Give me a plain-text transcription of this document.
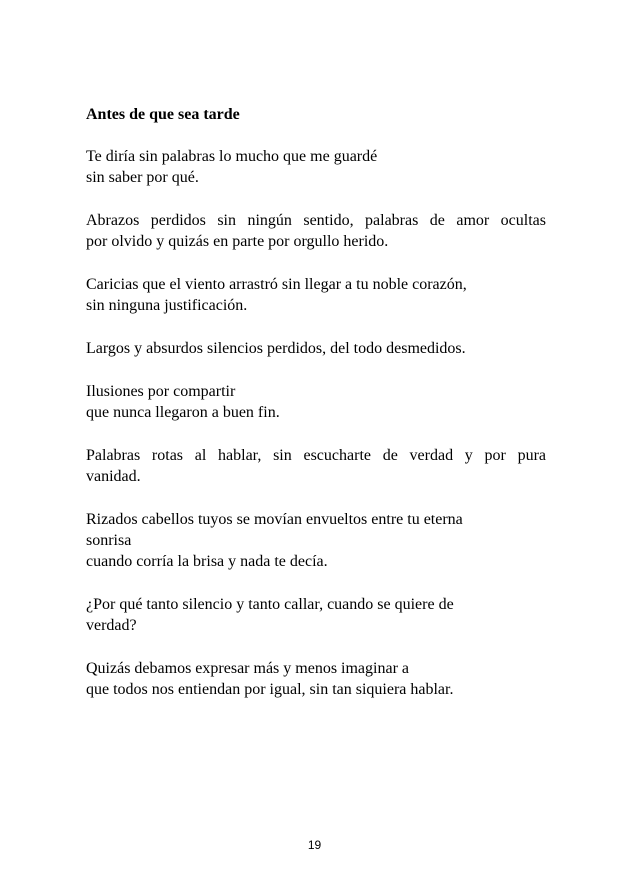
Antes de que sea tarde
Te diría sin palabras lo mucho que me guardé
sin saber por qué.
Abrazos perdidos sin ningún sentido, palabras de amor ocultas
por olvido y quizás en parte por orgullo herido.
Caricias que el viento arrastró sin llegar a tu noble corazón,
sin ninguna justificación.
Largos y absurdos silencios perdidos, del todo desmedidos.
Ilusiones por compartir
que nunca llegaron a buen fin.
Palabras rotas al hablar, sin escucharte de verdad y por pura
vanidad.
Rizados cabellos tuyos se movían envueltos entre tu eterna
sonrisa
cuando corría la brisa y nada te decía.
¿Por qué tanto silencio y tanto callar, cuando se quiere de
verdad?
Quizás debamos expresar más y menos imaginar a
que todos nos entiendan por igual, sin tan siquiera hablar.
19
